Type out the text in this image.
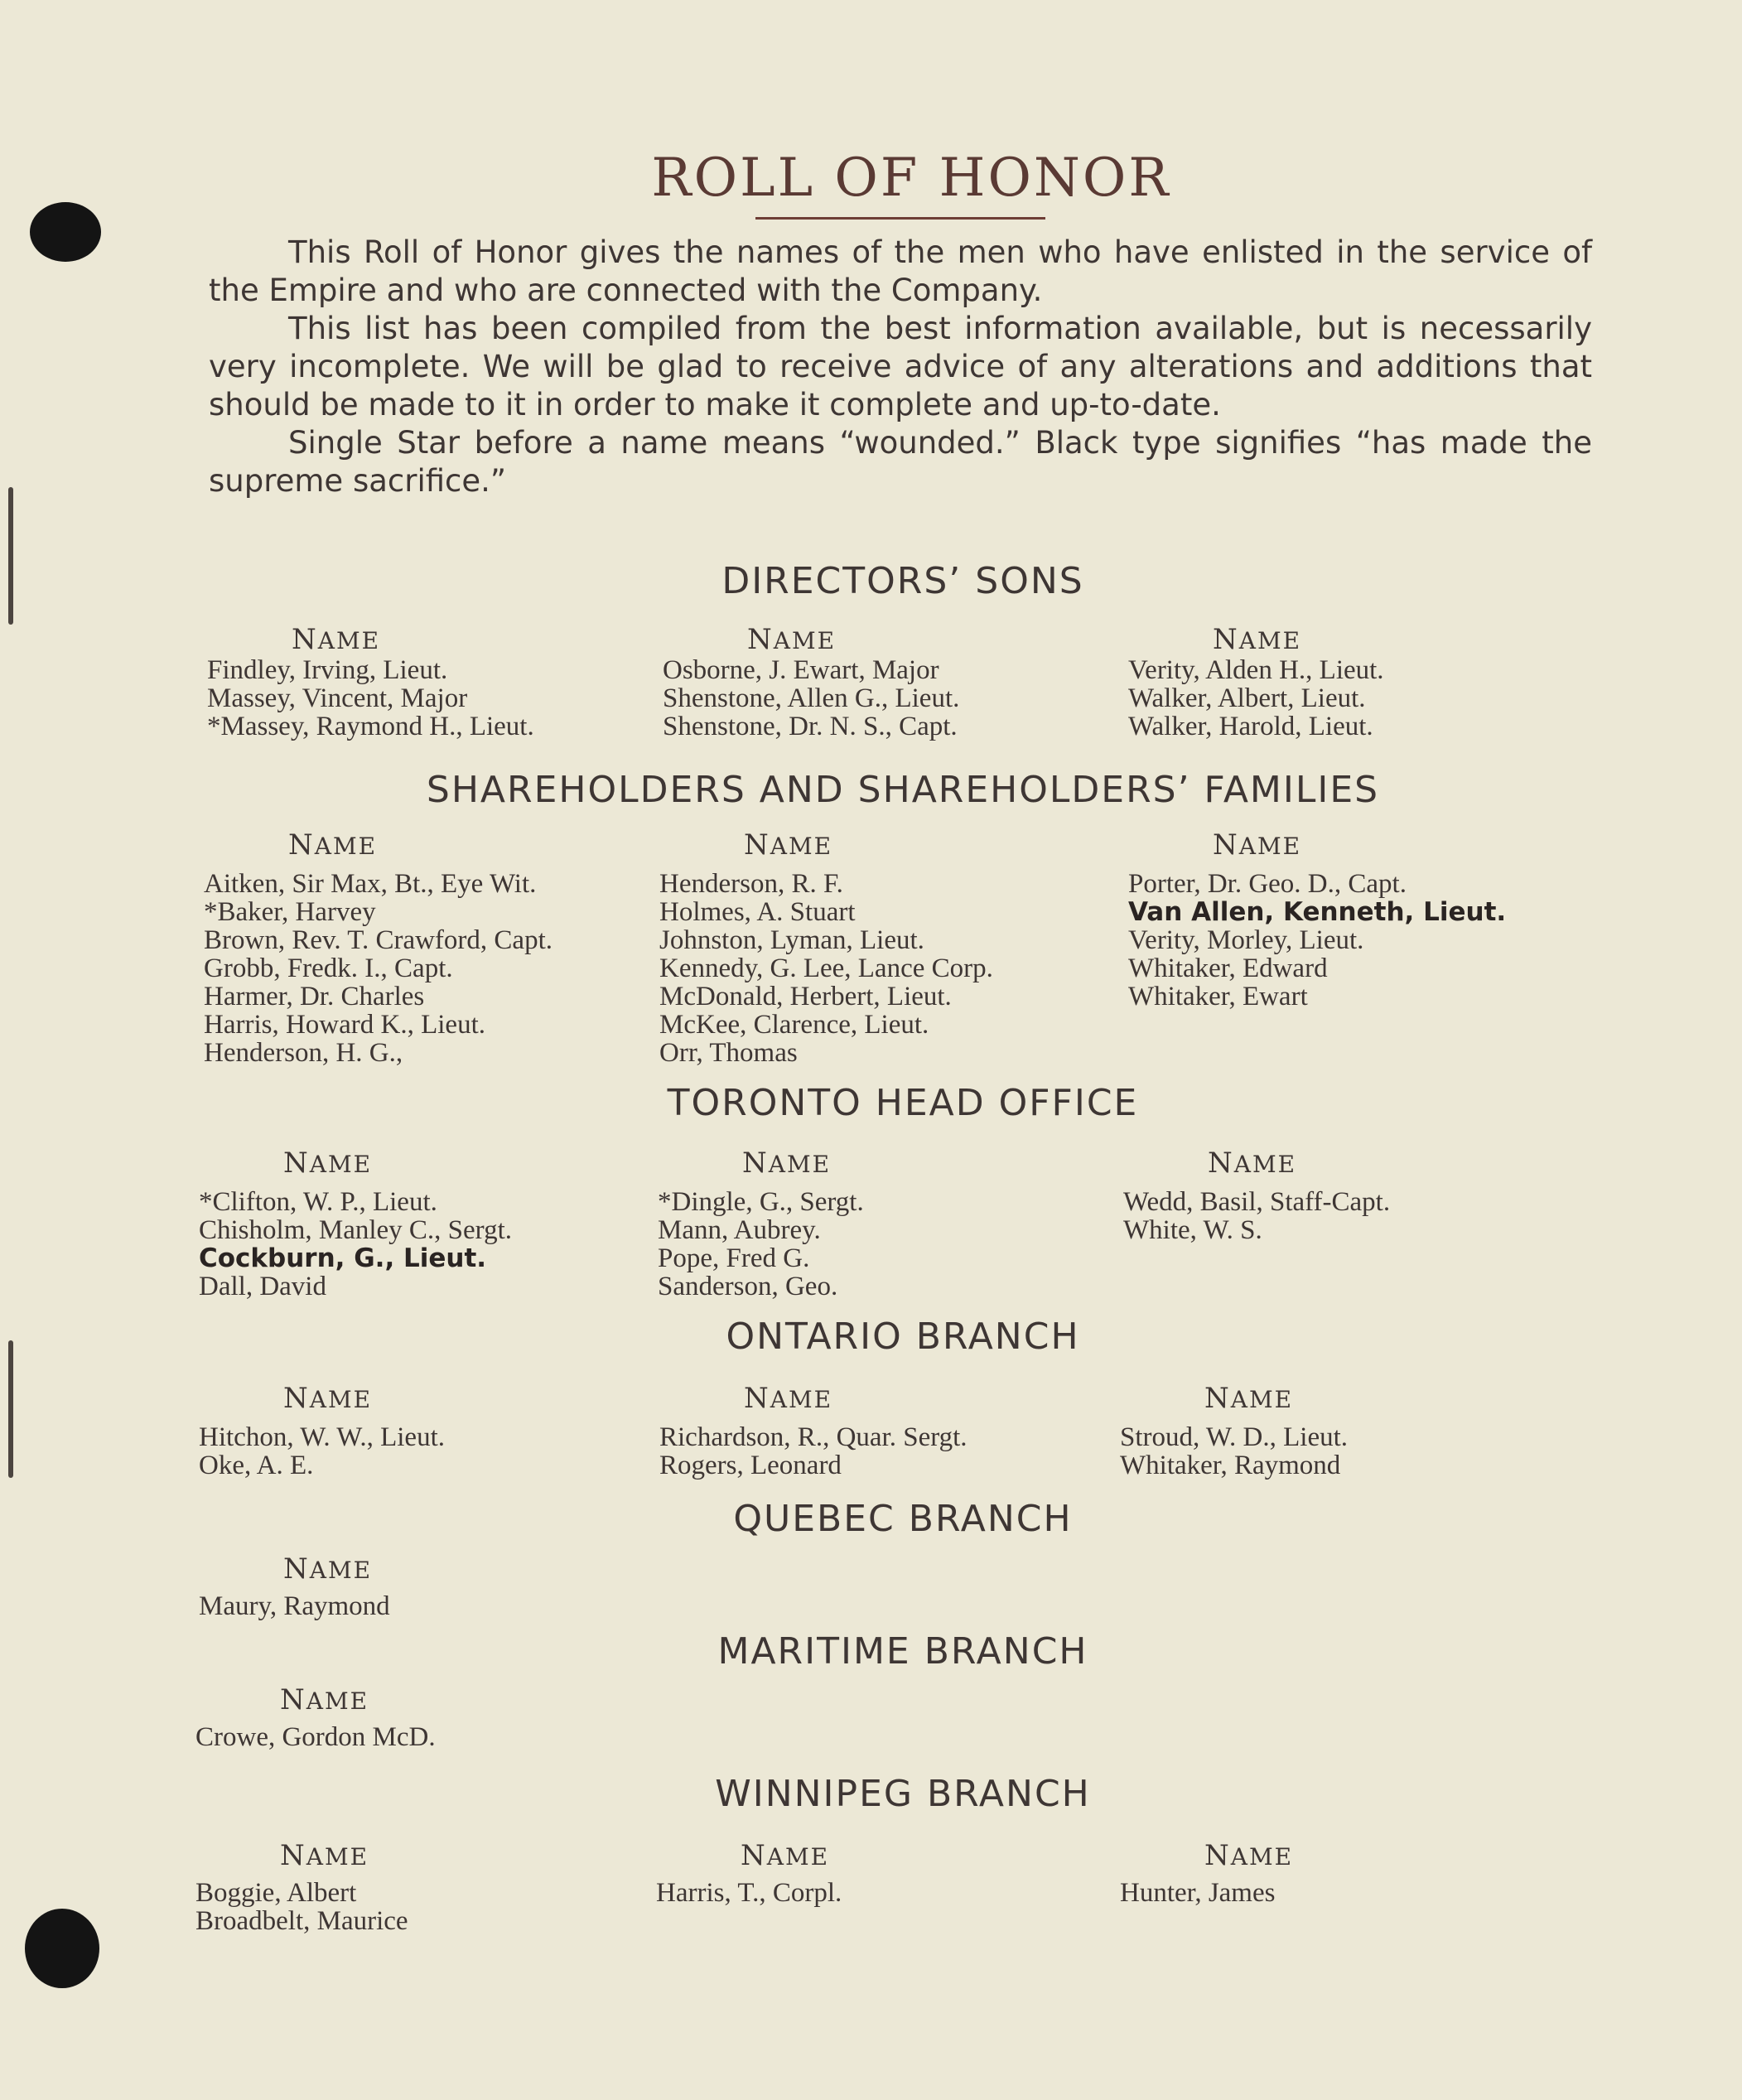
ROLL OF HONOR

This Roll of Honor gives the names of the men who have enlisted in the service of the Empire and who are connected with the Company.

This list has been compiled from the best information available, but is necessarily very incomplete. We will be glad to receive advice of any alterations and additions that should be made to it in order to make it complete and up-to-date.

Single Star before a name means “wounded.” Black type signifies “has made the supreme sacrifice.”

DIRECTORS’ SONS
NAME
Findley, Irving, Lieut.
Massey, Vincent, Major
*Massey, Raymond H., Lieut.
NAME
Osborne, J. Ewart, Major
Shenstone, Allen G., Lieut.
Shenstone, Dr. N. S., Capt.
NAME
Verity, Alden H., Lieut.
Walker, Albert, Lieut.
Walker, Harold, Lieut.
SHAREHOLDERS AND SHAREHOLDERS’ FAMILIES
NAME
Aitken, Sir Max, Bt., Eye Wit.
*Baker, Harvey
Brown, Rev. T. Crawford, Capt.
Grobb, Fredk. I., Capt.
Harmer, Dr. Charles
Harris, Howard K., Lieut.
Henderson, H. G.,
NAME
Henderson, R. F.
Holmes, A. Stuart
Johnston, Lyman, Lieut.
Kennedy, G. Lee, Lance Corp.
McDonald, Herbert, Lieut.
McKee, Clarence, Lieut.
Orr, Thomas
NAME
Porter, Dr. Geo. D., Capt.
Van Allen, Kenneth, Lieut.
Verity, Morley, Lieut.
Whitaker, Edward
Whitaker, Ewart
TORONTO HEAD OFFICE
NAME
*Clifton, W. P., Lieut.
Chisholm, Manley C., Sergt.
Cockburn, G., Lieut.
Dall, David
NAME
*Dingle, G., Sergt.
Mann, Aubrey.
Pope, Fred G.
Sanderson, Geo.
NAME
Wedd, Basil, Staff-Capt.
White, W. S.
ONTARIO BRANCH
NAME
Hitchon, W. W., Lieut.
Oke, A. E.
NAME
Richardson, R., Quar. Sergt.
Rogers, Leonard
NAME
Stroud, W. D., Lieut.
Whitaker, Raymond
QUEBEC BRANCH
NAME
Maury, Raymond
MARITIME BRANCH
NAME
Crowe, Gordon McD.
WINNIPEG BRANCH
NAME
Boggie, Albert
Broadbelt, Maurice
NAME
Harris, T., Corpl.
NAME
Hunter, James
